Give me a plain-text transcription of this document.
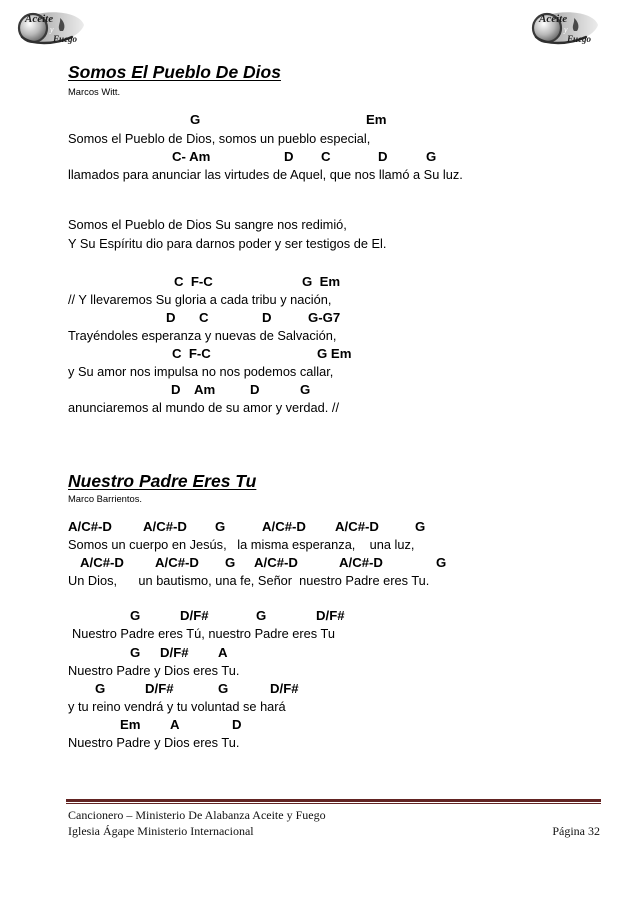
Aceite
y
Fuego
Aceite
y
Fuego
Somos El Pueblo De Dios
Marcos Witt.
G	Em
Somos el Pueblo de Dios, somos un pueblo especial,
C- Am	D C	D	G
llamados para anunciar las virtudes de Aquel, que nos llamó a Su luz.
Somos el Pueblo de Dios Su sangre nos redimió,
Y Su Espíritu dio para darnos poder y ser testigos de El.
C  F-C	G  Em
// Y llevaremos Su gloria a cada tribu y nación,
D C	D	G-G7
Trayéndoles esperanza y nuevas de Salvación,
C  F-C	G Em
y Su amor nos impulsa no nos podemos callar,
D Am	D	G
anunciaremos al mundo de su amor y verdad. //
Nuestro Padre Eres Tu
Marco Barrientos.
A/C#-D A/C#-D G	A/C#-D A/C#-D	G
Somos un cuerpo en Jesús,   la misma esperanza,    una luz,
A/C#-D A/C#-D G A/C#-D	A/C#-D	G
Un Dios,      un bautismo, una fe, Señor  nuestro Padre eres Tu.
G	D/F#	G	D/F#
Nuestro Padre eres Tú, nuestro Padre eres Tu
G D/F# A
Nuestro Padre y Dios eres Tu.
G	D/F#	G	D/F#
y tu reino vendrá y tu voluntad se hará
Em A	D
Nuestro Padre y Dios eres Tu.
Cancionero – Ministerio De Alabanza Aceite y Fuego
Iglesia Ágape Ministerio Internacional	Página 32
